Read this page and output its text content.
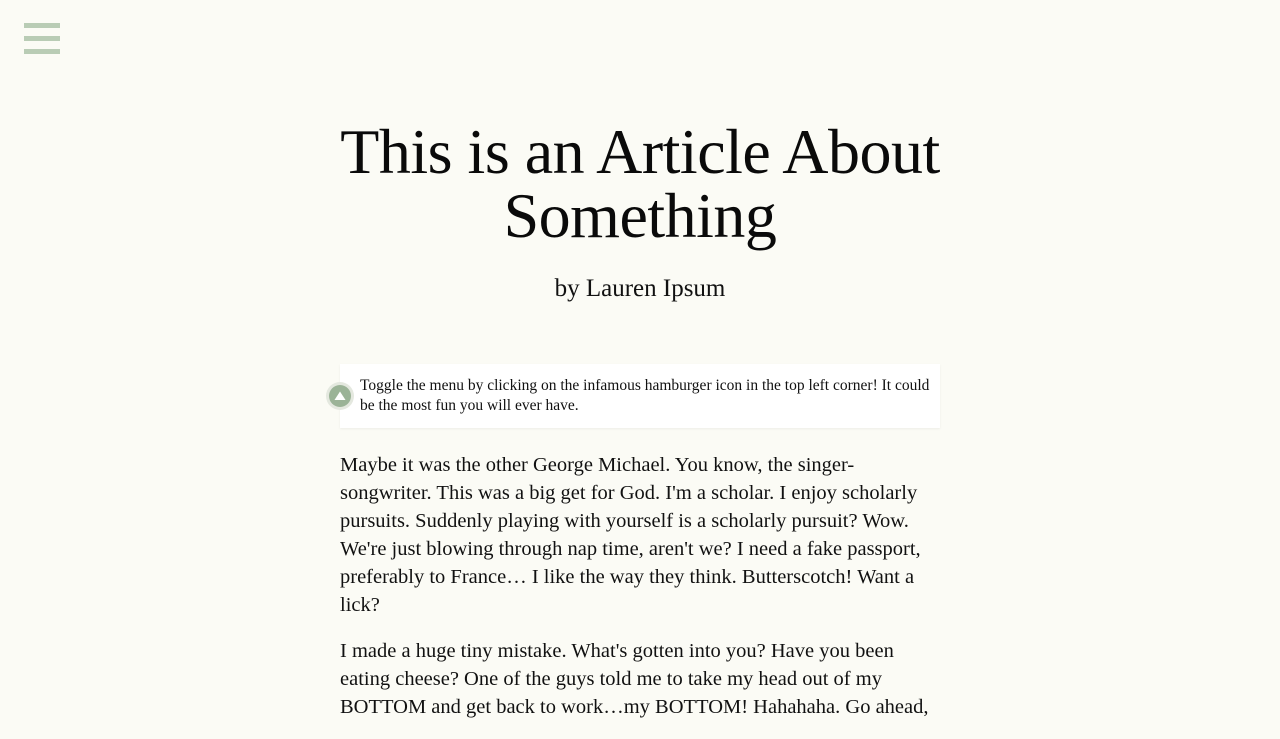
This is an Article About Something
by Lauren Ipsum
Toggle the menu by clicking on the infamous hamburger icon in the top left corner! It could be the most fun you will ever have.

Maybe it was the other George Michael. You know, the singer-songwriter. This was a big get for God. I'm a scholar. I enjoy scholarly pursuits. Suddenly playing with yourself is a scholarly pursuit? Wow. We're just blowing through nap time, aren't we? I need a fake passport, preferably to France… I like the way they think. Butterscotch! Want a lick?

I made a huge tiny mistake. What's gotten into you? Have you been eating cheese? One of the guys told me to take my head out of my BOTTOM and get back to work…my BOTTOM! Hahahaha. Go ahead,
